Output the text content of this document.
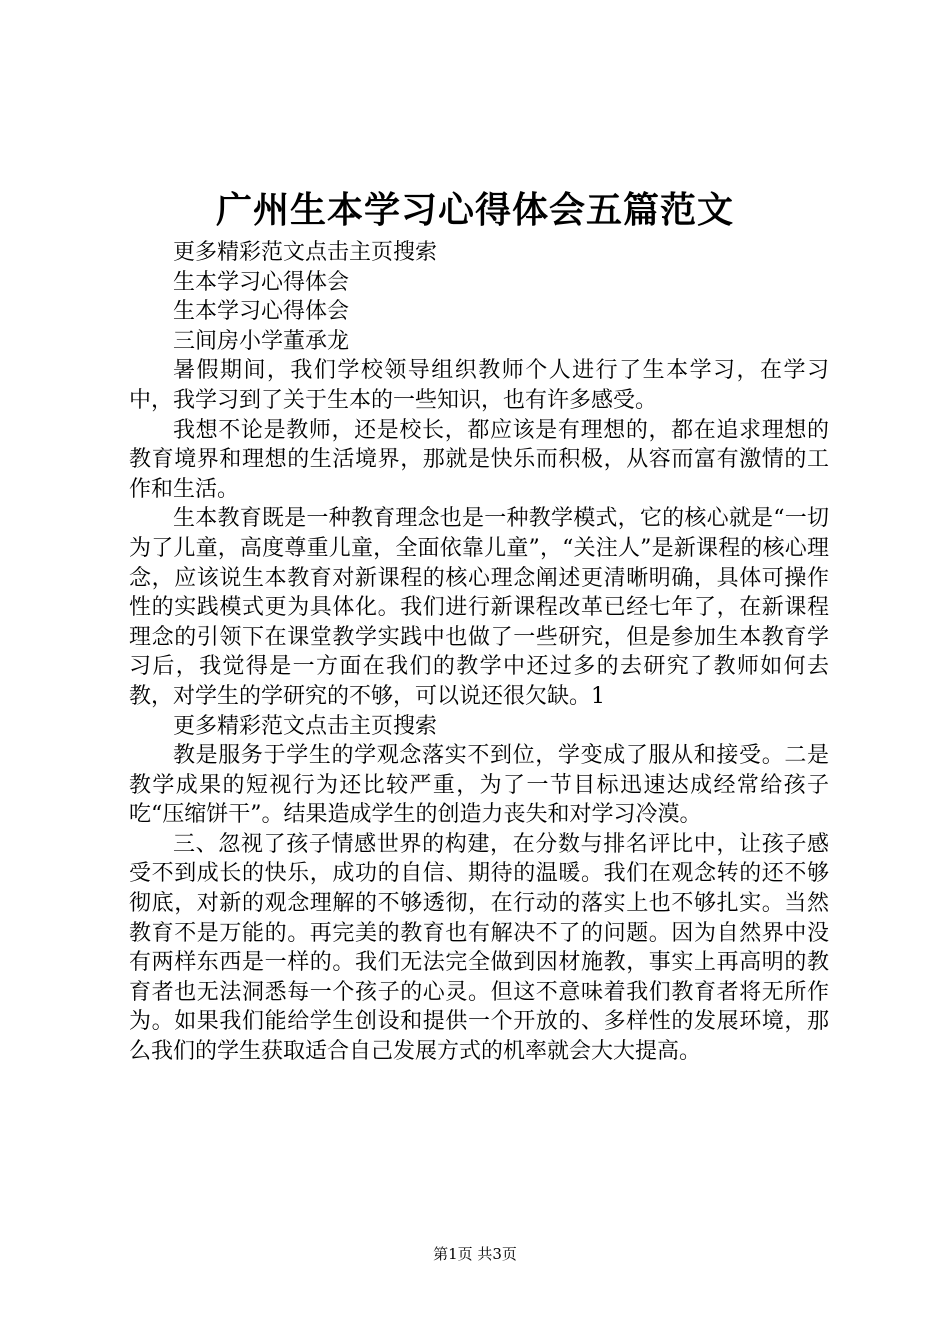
广州生本学习心得体会五篇范文

更多精彩范文点击主页搜索

生本学习心得体会

生本学习心得体会

三间房小学董承龙

暑假期间，我们学校领导组织教师个人进行了生本学习，在学习中，我学习到了关于生本的一些知识，也有许多感受。

我想不论是教师，还是校长，都应该是有理想的，都在追求理想的教育境界和理想的生活境界，那就是快乐而积极，从容而富有激情的工作和生活。

生本教育既是一种教育理念也是一种教学模式，它的核心就是“一切为了儿童，高度尊重儿童，全面依靠儿童”，“关注人”是新课程的核心理念，应该说生本教育对新课程的核心理念阐述更清晰明确，具体可操作性的实践模式更为具体化。我们进行新课程改革已经七年了，在新课程理念的引领下在课堂教学实践中也做了一些研究，但是参加生本教育学习后，我觉得是一方面在我们的教学中还过多的去研究了教师如何去教，对学生的学研究的不够，可以说还很欠缺。1

更多精彩范文点击主页搜索

教是服务于学生的学观念落实不到位，学变成了服从和接受。二是教学成果的短视行为还比较严重，为了一节目标迅速达成经常给孩子吃“压缩饼干”。结果造成学生的创造力丧失和对学习冷漠。

三、忽视了孩子情感世界的构建，在分数与排名评比中，让孩子感受不到成长的快乐，成功的自信、期待的温暖。我们在观念转的还不够彻底，对新的观念理解的不够透彻，在行动的落实上也不够扎实。当然教育不是万能的。再完美的教育也有解决不了的问题。因为自然界中没有两样东西是一样的。我们无法完全做到因材施教，事实上再高明的教育者也无法洞悉每一个孩子的心灵。但这不意味着我们教育者将无所作为。如果我们能给学生创设和提供一个开放的、多样性的发展环境，那么我们的学生获取适合自己发展方式的机率就会大大提高。

第1页 共3页
